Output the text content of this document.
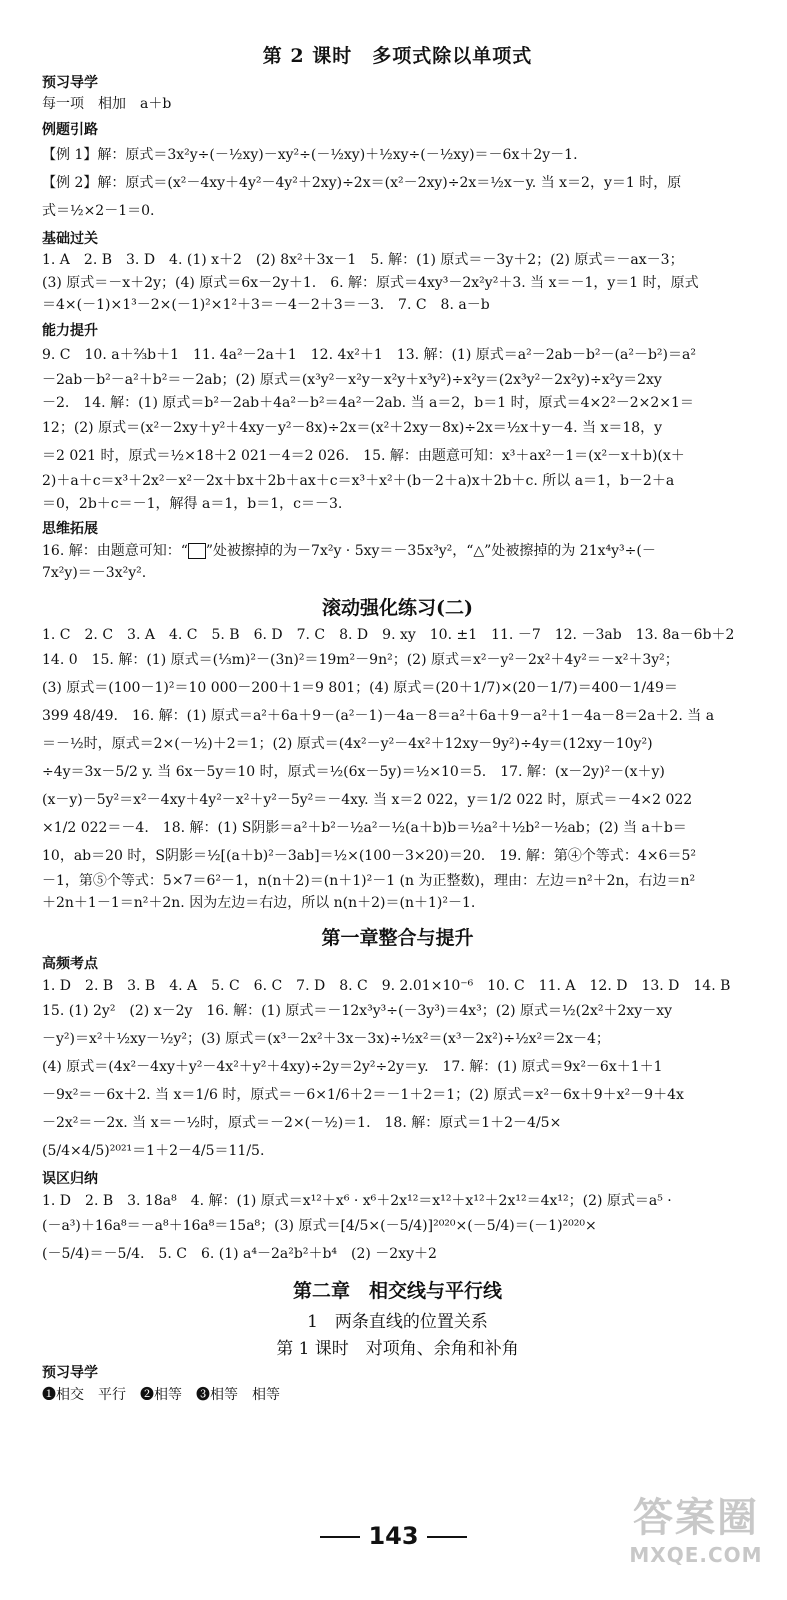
第 2 课时　多项式除以单项式
预习导学

每一项　相加　a＋b

例题引路

【例 1】解：原式＝3x²y÷(－½xy)－xy²÷(－½xy)＋½xy÷(－½xy)＝－6x＋2y－1.

【例 2】解：原式＝(x²－4xy＋4y²－4y²＋2xy)÷2x＝(x²－2xy)÷2x＝½x－y. 当 x＝2，y＝1 时，原

式＝½×2－1＝0.

基础过关

1. A　2. B　3. D　4. (1) x＋2　(2) 8x²＋3x－1　5. 解：(1) 原式＝－3y＋2；(2) 原式＝－ax－3；

(3) 原式＝－x＋2y；(4) 原式＝6x－2y＋1.　6. 解：原式＝4xy³－2x²y²＋3. 当 x＝－1，y＝1 时，原式

＝4×(－1)×1³－2×(－1)²×1²＋3＝－4－2＋3＝－3.　7. C　8. a－b

能力提升

9. C　10. a＋⅔b＋1　11. 4a²－2a＋1　12. 4x²＋1　13. 解：(1) 原式＝a²－2ab－b²－(a²－b²)＝a²

－2ab－b²－a²＋b²＝－2ab；(2) 原式＝(x³y²－x²y－x²y＋x³y²)÷x²y＝(2x³y²－2x²y)÷x²y＝2xy

－2.　14. 解：(1) 原式＝b²－2ab＋4a²－b²＝4a²－2ab. 当 a＝2，b＝1 时，原式＝4×2²－2×2×1＝

12；(2) 原式＝(x²－2xy＋y²＋4xy－y²－8x)÷2x＝(x²＋2xy－8x)÷2x＝½x＋y－4. 当 x＝18，y

＝2 021 时，原式＝½×18＋2 021－4＝2 026.　15. 解：由题意可知：x³＋ax²－1＝(x²－x＋b)(x＋

2)＋a＋c＝x³＋2x²－x²－2x＋bx＋2b＋ax＋c＝x³＋x²＋(b－2＋a)x＋2b＋c. 所以 a＝1，b－2＋a

＝0，2b＋c＝－1，解得 a＝1，b＝1，c＝－3.

思维拓展

16. 解：由题意可知：“ ”处被擦掉的为－7x²y · 5xy＝－35x³y²，“△”处被擦掉的为 21x⁴y³÷(－

7x²y)＝－3x²y².

滚动强化练习(二)

1. C　2. C　3. A　4. C　5. B　6. D　7. C　8. D　9. xy　10. ±1　11. －7　12. －3ab　13. 8a－6b＋2

14. 0　15. 解：(1) 原式＝(⅓m)²－(3n)²＝19m²－9n²；(2) 原式＝x²－y²－2x²＋4y²＝－x²＋3y²；

(3) 原式＝(100－1)²＝10 000－200＋1＝9 801；(4) 原式＝(20＋1/7)×(20－1/7)＝400－1/49＝

399 48/49.　16. 解：(1) 原式＝a²＋6a＋9－(a²－1)－4a－8＝a²＋6a＋9－a²＋1－4a－8＝2a＋2. 当 a

＝－½时，原式＝2×(－½)＋2＝1；(2) 原式＝(4x²－y²－4x²＋12xy－9y²)÷4y＝(12xy－10y²)

÷4y＝3x－5/2 y. 当 6x－5y＝10 时，原式＝½(6x－5y)＝½×10＝5.　17. 解：(x－2y)²－(x＋y)

(x－y)－5y²＝x²－4xy＋4y²－x²＋y²－5y²＝－4xy. 当 x＝2 022，y＝1/2 022 时，原式＝－4×2 022

×1/2 022＝－4.　18. 解：(1) S阴影＝a²＋b²－½a²－½(a＋b)b＝½a²＋½b²－½ab；(2) 当 a＋b＝

10，ab＝20 时，S阴影＝½[(a＋b)²－3ab]＝½×(100－3×20)＝20.　19. 解：第④个等式：4×6＝5²

－1，第⑤个等式：5×7＝6²－1，n(n＋2)＝(n＋1)²－1 (n 为正整数)，理由：左边＝n²＋2n，右边＝n²

＋2n＋1－1＝n²＋2n. 因为左边＝右边，所以 n(n＋2)＝(n＋1)²－1.

第一章整合与提升
高频考点

1. D　2. B　3. B　4. A　5. C　6. C　7. D　8. C　9. 2.01×10⁻⁶　10. C　11. A　12. D　13. D　14. B

15. (1) 2y²　(2) x－2y　16. 解：(1) 原式＝－12x³y³÷(－3y³)＝4x³；(2) 原式＝½(2x²＋2xy－xy

－y²)＝x²＋½xy－½y²；(3) 原式＝(x³－2x²＋3x－3x)÷½x²＝(x³－2x²)÷½x²＝2x－4；

(4) 原式＝(4x²－4xy＋y²－4x²＋y²＋4xy)÷2y＝2y²÷2y＝y.　17. 解：(1) 原式＝9x²－6x＋1＋1

－9x²＝－6x＋2. 当 x＝1/6 时，原式＝－6×1/6＋2＝－1＋2＝1；(2) 原式＝x²－6x＋9＋x²－9＋4x

－2x²＝－2x. 当 x＝－½时，原式＝－2×(－½)＝1.　18. 解：原式＝1＋2－4/5×

(5/4×4/5)²⁰²¹＝1＋2－4/5＝11/5.

误区归纳

1. D　2. B　3. 18a⁸　4. 解：(1) 原式＝x¹²＋x⁶ · x⁶＋2x¹²＝x¹²＋x¹²＋2x¹²＝4x¹²；(2) 原式＝a⁵ ·

(－a³)＋16a⁸＝－a⁸＋16a⁸＝15a⁸；(3) 原式＝[4/5×(－5/4)]²⁰²⁰×(－5/4)＝(－1)²⁰²⁰×

(－5/4)＝－5/4.　5. C　6. (1) a⁴－2a²b²＋b⁴　(2) －2xy＋2

第二章　相交线与平行线
1　两条直线的位置关系
第 1 课时　对项角、余角和补角
预习导学

❶相交　平行　❷相等　❸相等　相等

143	答案圈
MXQE.COM
